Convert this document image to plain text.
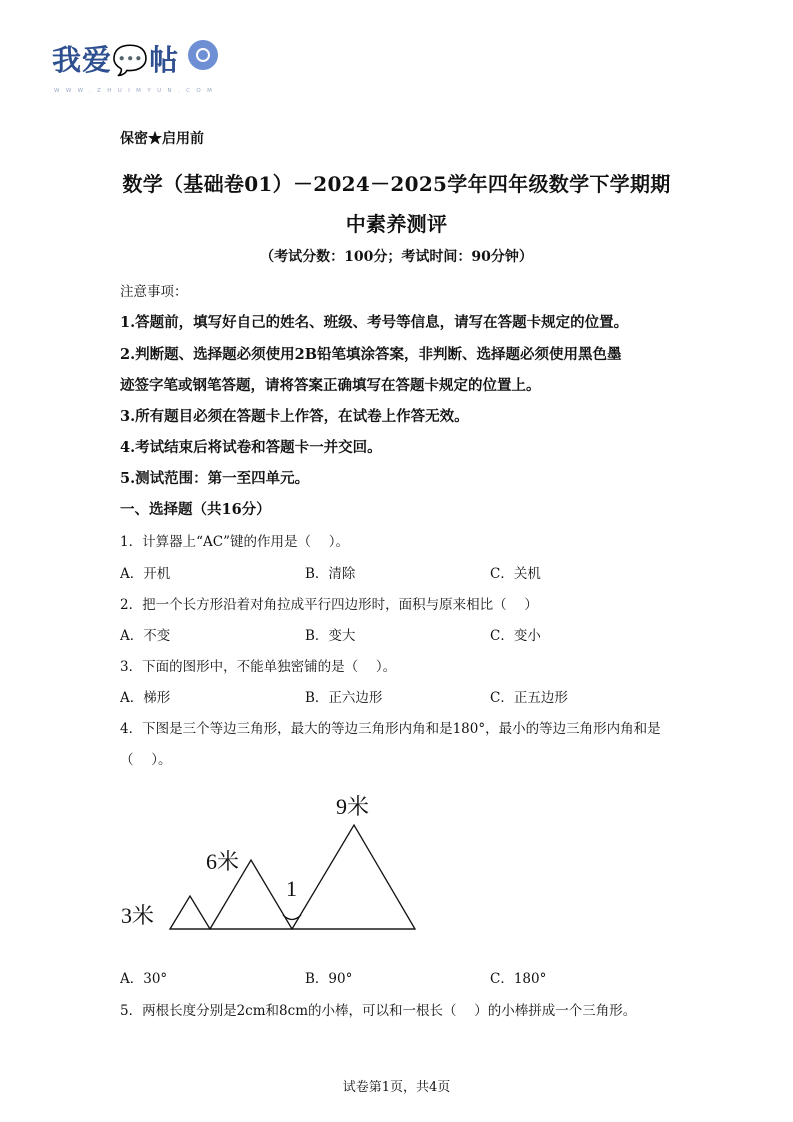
我爱💬帖
WWW.ZHUIMYUN.COM
保密★启用前
数学（基础卷01）－2024－2025学年四年级数学下学期期
中素养测评
（考试分数：100分；考试时间：90分钟）
注意事项：
1.答题前，填写好自己的姓名、班级、考号等信息，请写在答题卡规定的位置。
2.判断题、选择题必须使用2B铅笔填涂答案，非判断、选择题必须使用黑色墨
迹签字笔或钢笔答题，请将答案正确填写在答题卡规定的位置上。
3.所有题目必须在答题卡上作答，在试卷上作答无效。
4.考试结束后将试卷和答题卡一并交回。
5.测试范围：第一至四单元。
一、选择题（共16分）
1．计算器上“AC”键的作用是（　 ）。
A．开机	B．清除	C．关机
2．把一个长方形沿着对角拉成平行四边形时，面积与原来相比（　 ）
A．不变	B．变大	C．变小
3．下面的图形中，不能单独密铺的是（　 ）。
A．梯形	B．正六边形	C．正五边形
4．下图是三个等边三角形，最大的等边三角形内角和是180°，最小的等边三角形内角和是
（　 ）。
3米
6米
9米
1
A．30°	B．90°	C．180°
5．两根长度分别是2cm和8cm的小棒，可以和一根长（　 ）的小棒拼成一个三角形。
试卷第1页，共4页
